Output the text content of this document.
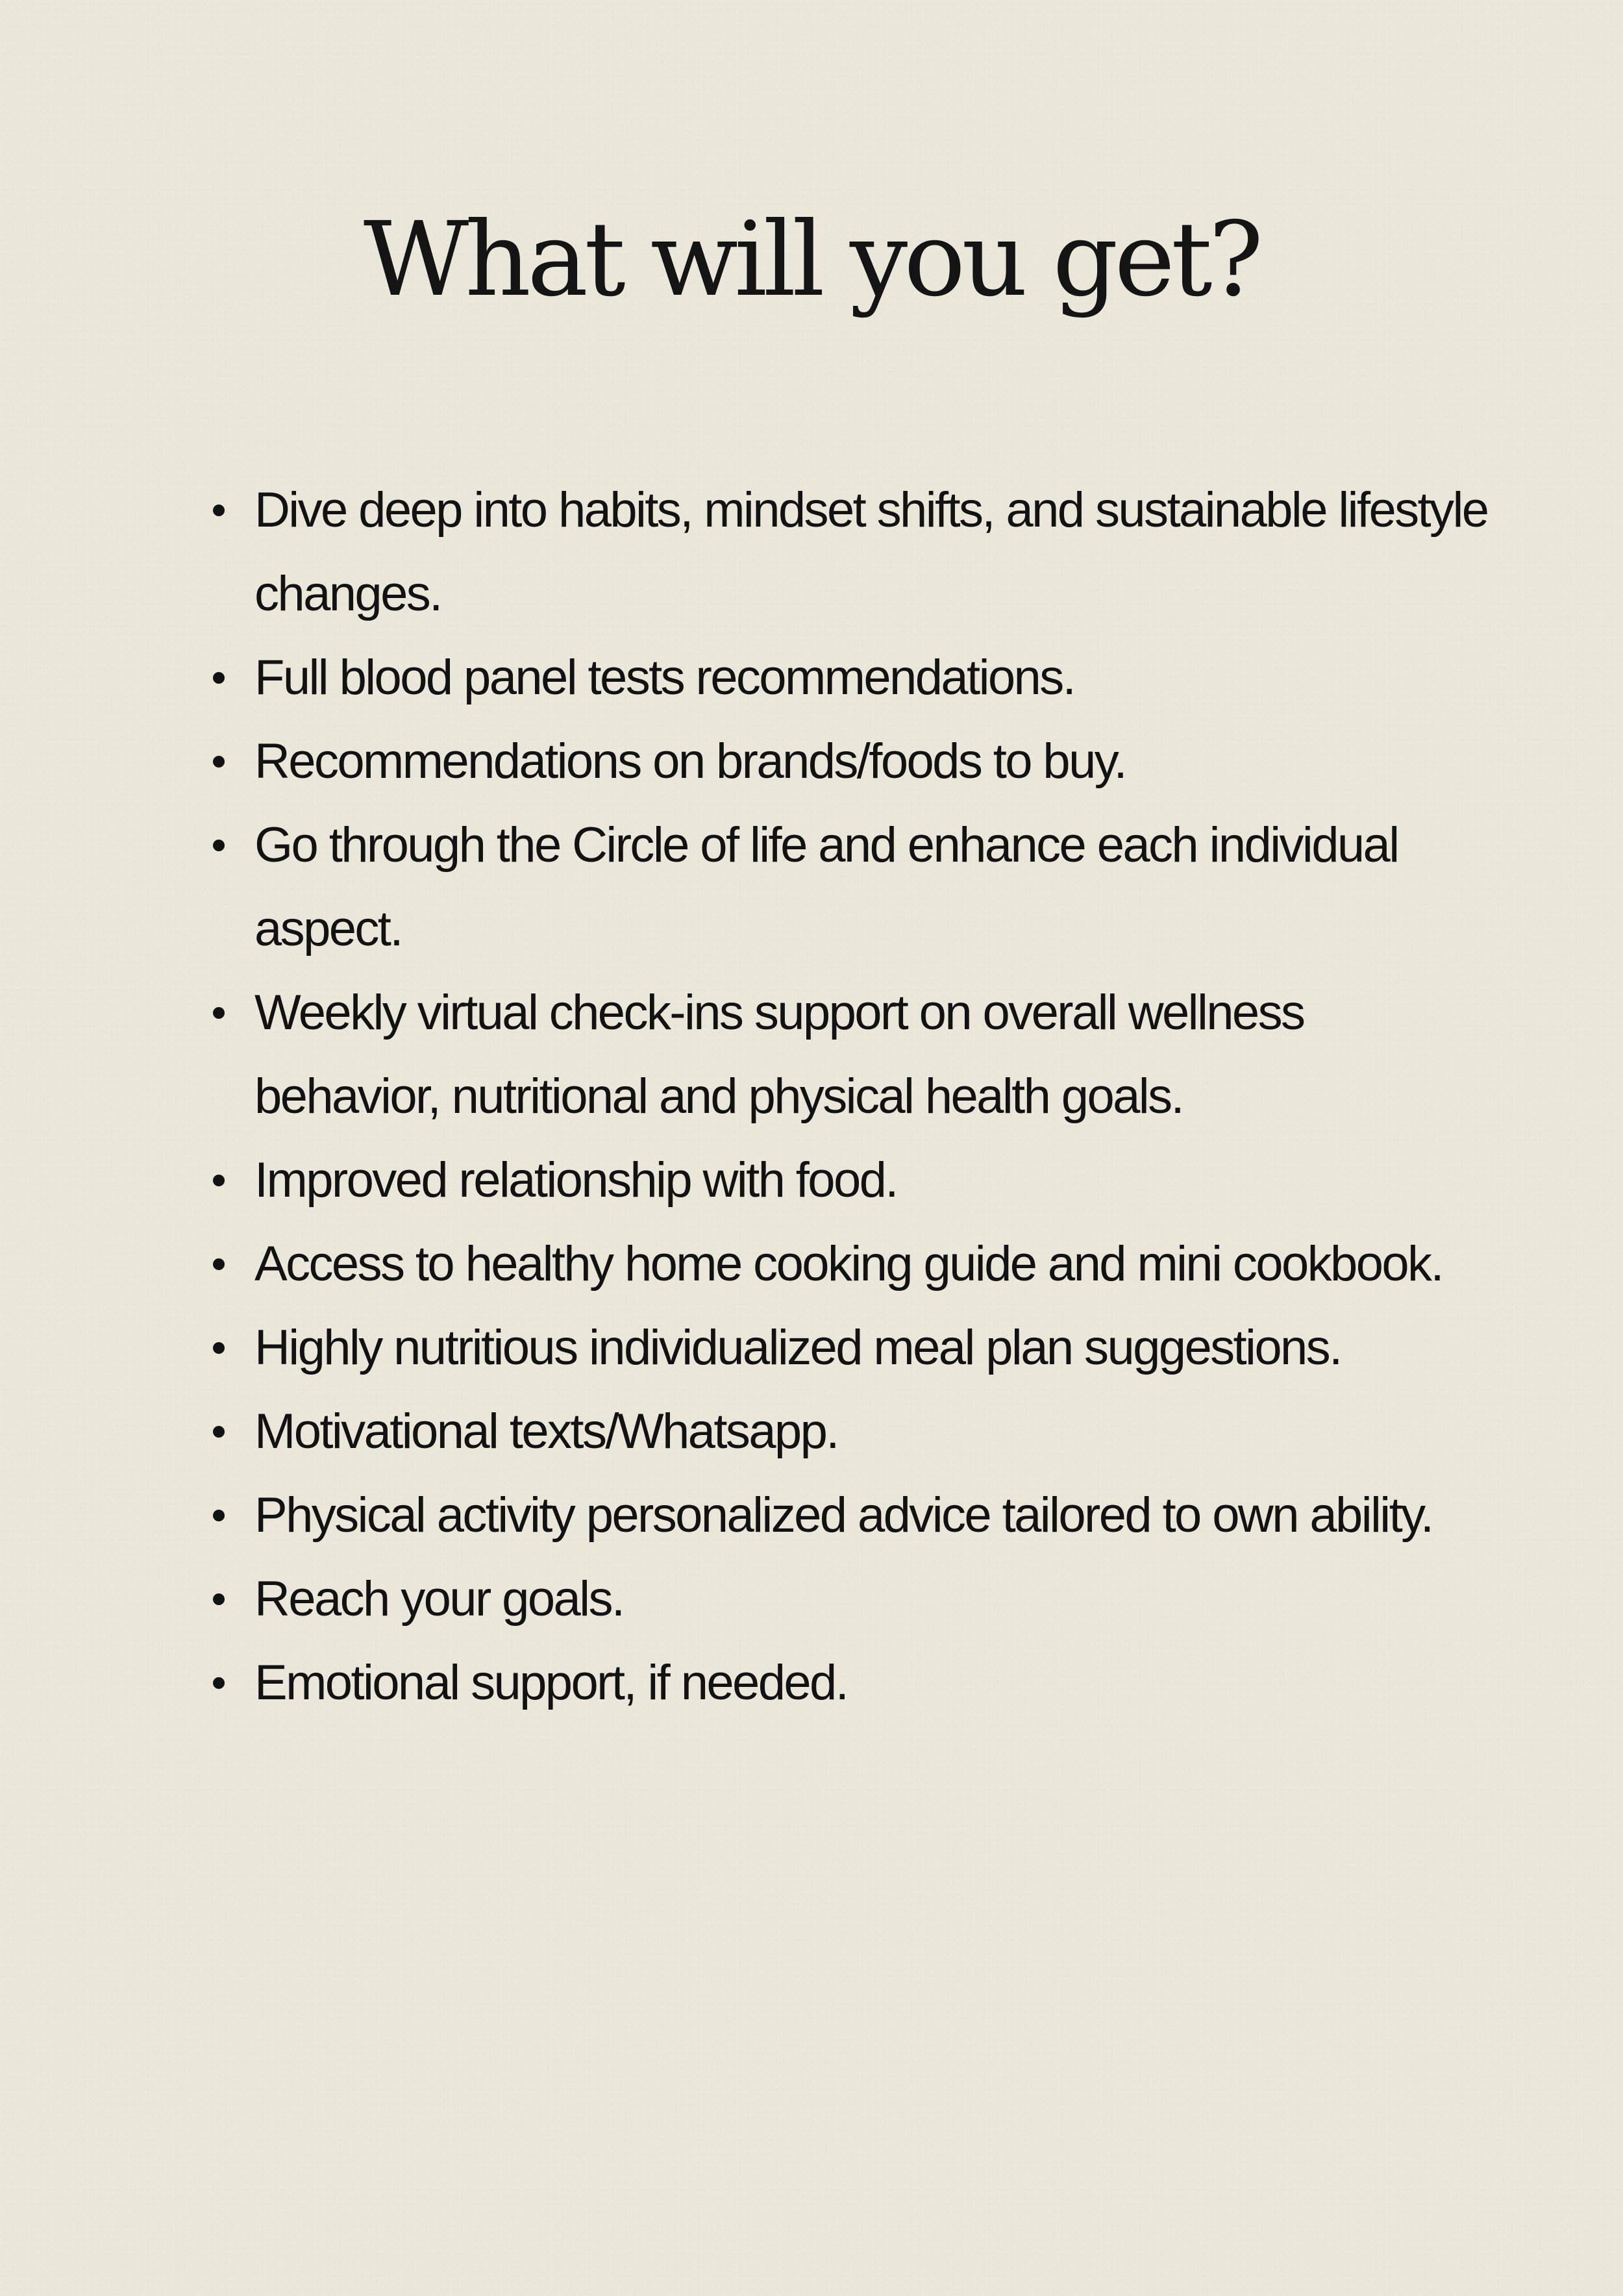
What will you get?
Dive deep into habits, mindset shifts, and sustainable lifestyle changes.
Full blood panel tests recommendations.
Recommendations on brands/foods to buy.
Go through the Circle of life and enhance each individual aspect.
Weekly virtual check-ins support on overall wellness behavior, nutritional and physical health goals.
Improved relationship with food.
Access to healthy home cooking guide and mini cookbook.
Highly nutritious individualized meal plan suggestions.
Motivational texts/Whatsapp.
Physical activity personalized advice tailored to own ability.
Reach your goals.
Emotional support, if needed.
